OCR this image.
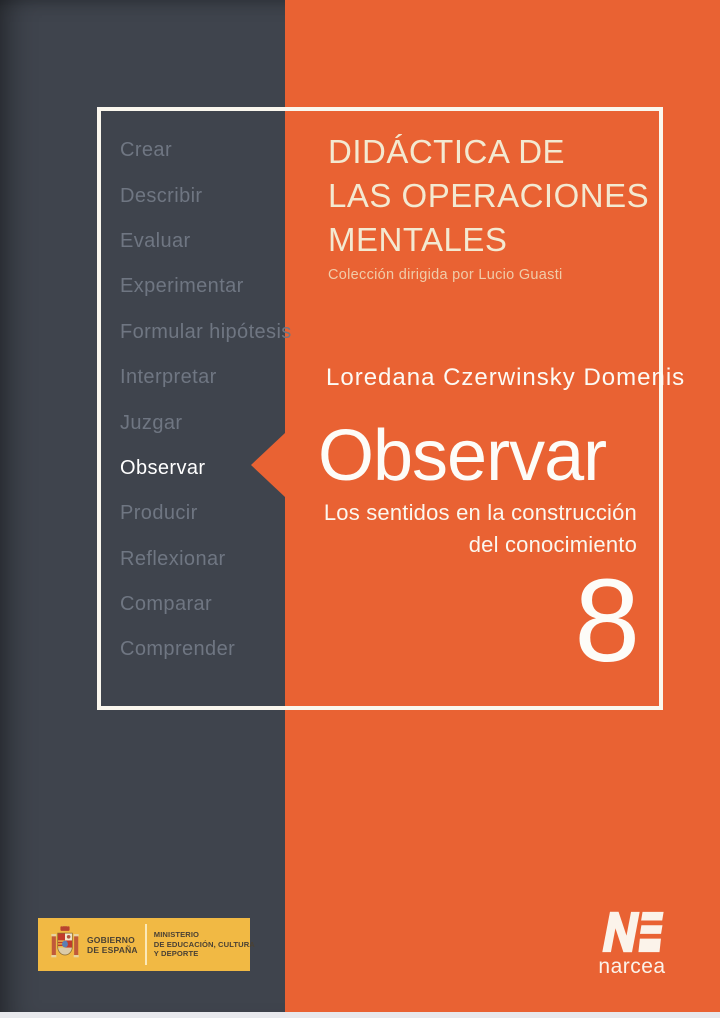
Crear
Describir
Evaluar
Experimentar
Formular hipótesis
Interpretar
Juzgar
Observar
Producir
Reflexionar
Comparar
Comprender
DIDÁCTICA DE
LAS OPERACIONES
MENTALES
Colección dirigida por Lucio Guasti
Loredana Czerwinsky Domenis
Observar
Los sentidos en la construcción
del conocimiento
8
GOBIERNO
DE ESPAÑA
MINISTERIO
DE EDUCACIÓN, CULTURA
Y DEPORTE
narcea
